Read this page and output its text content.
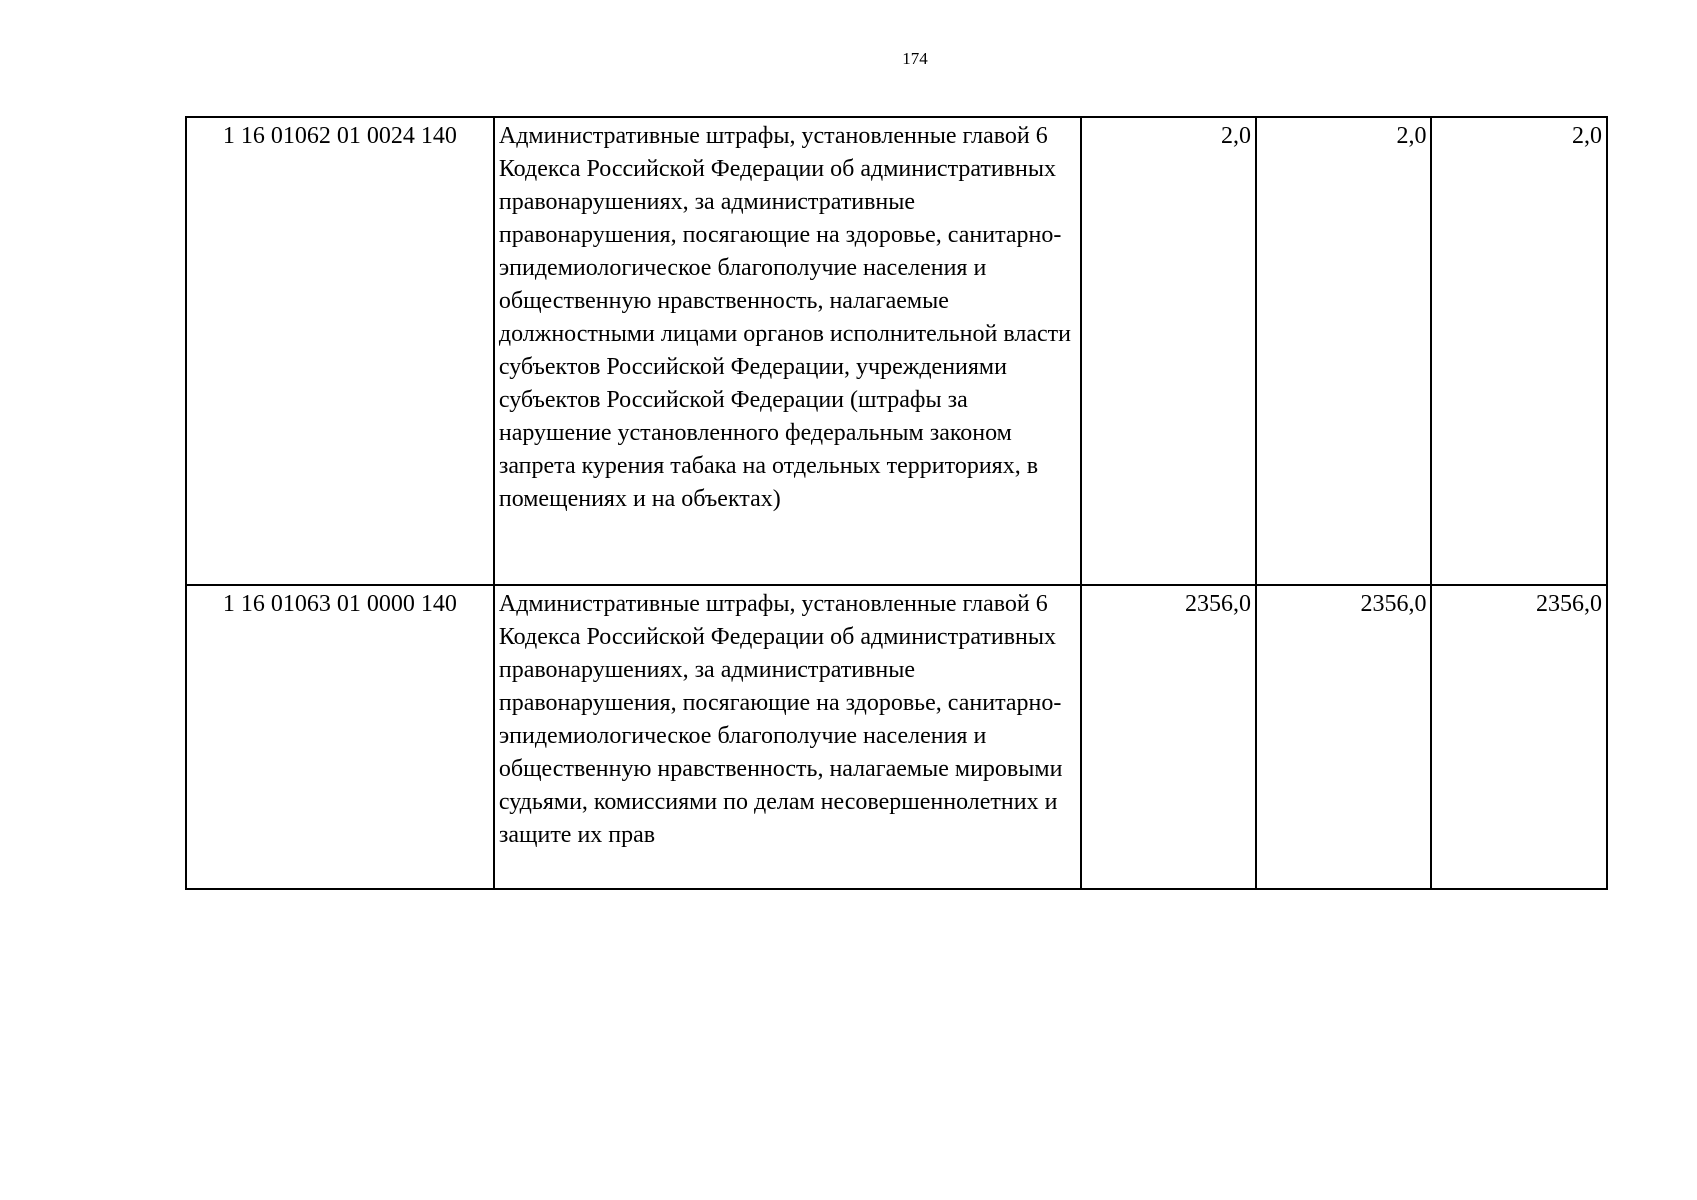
174
1 16 01062 01 0024 140	Административные штрафы, установленные главой 6 Кодекса Российской Федерации об административных правонарушениях, за административные правонарушения, посягающие на здоровье, санитарно-эпидемиологическое благополучие населения и общественную нравственность, налагаемые должностными лицами органов исполнительной власти субъектов Российской Федерации, учреждениями субъектов Российской Федерации (штрафы за нарушение установленного федеральным законом запрета курения табака на отдельных территориях, в помещениях и на объектах)	2,0	2,0	2,0
1 16 01063 01 0000 140	Административные штрафы, установленные главой 6 Кодекса Российской Федерации об административных правонарушениях, за административные правонарушения, посягающие на здоровье, санитарно-эпидемиологическое благополучие населения и общественную нравственность, налагаемые мировыми судьями, комиссиями по делам несовершеннолетних и защите их прав	2356,0	2356,0	2356,0
